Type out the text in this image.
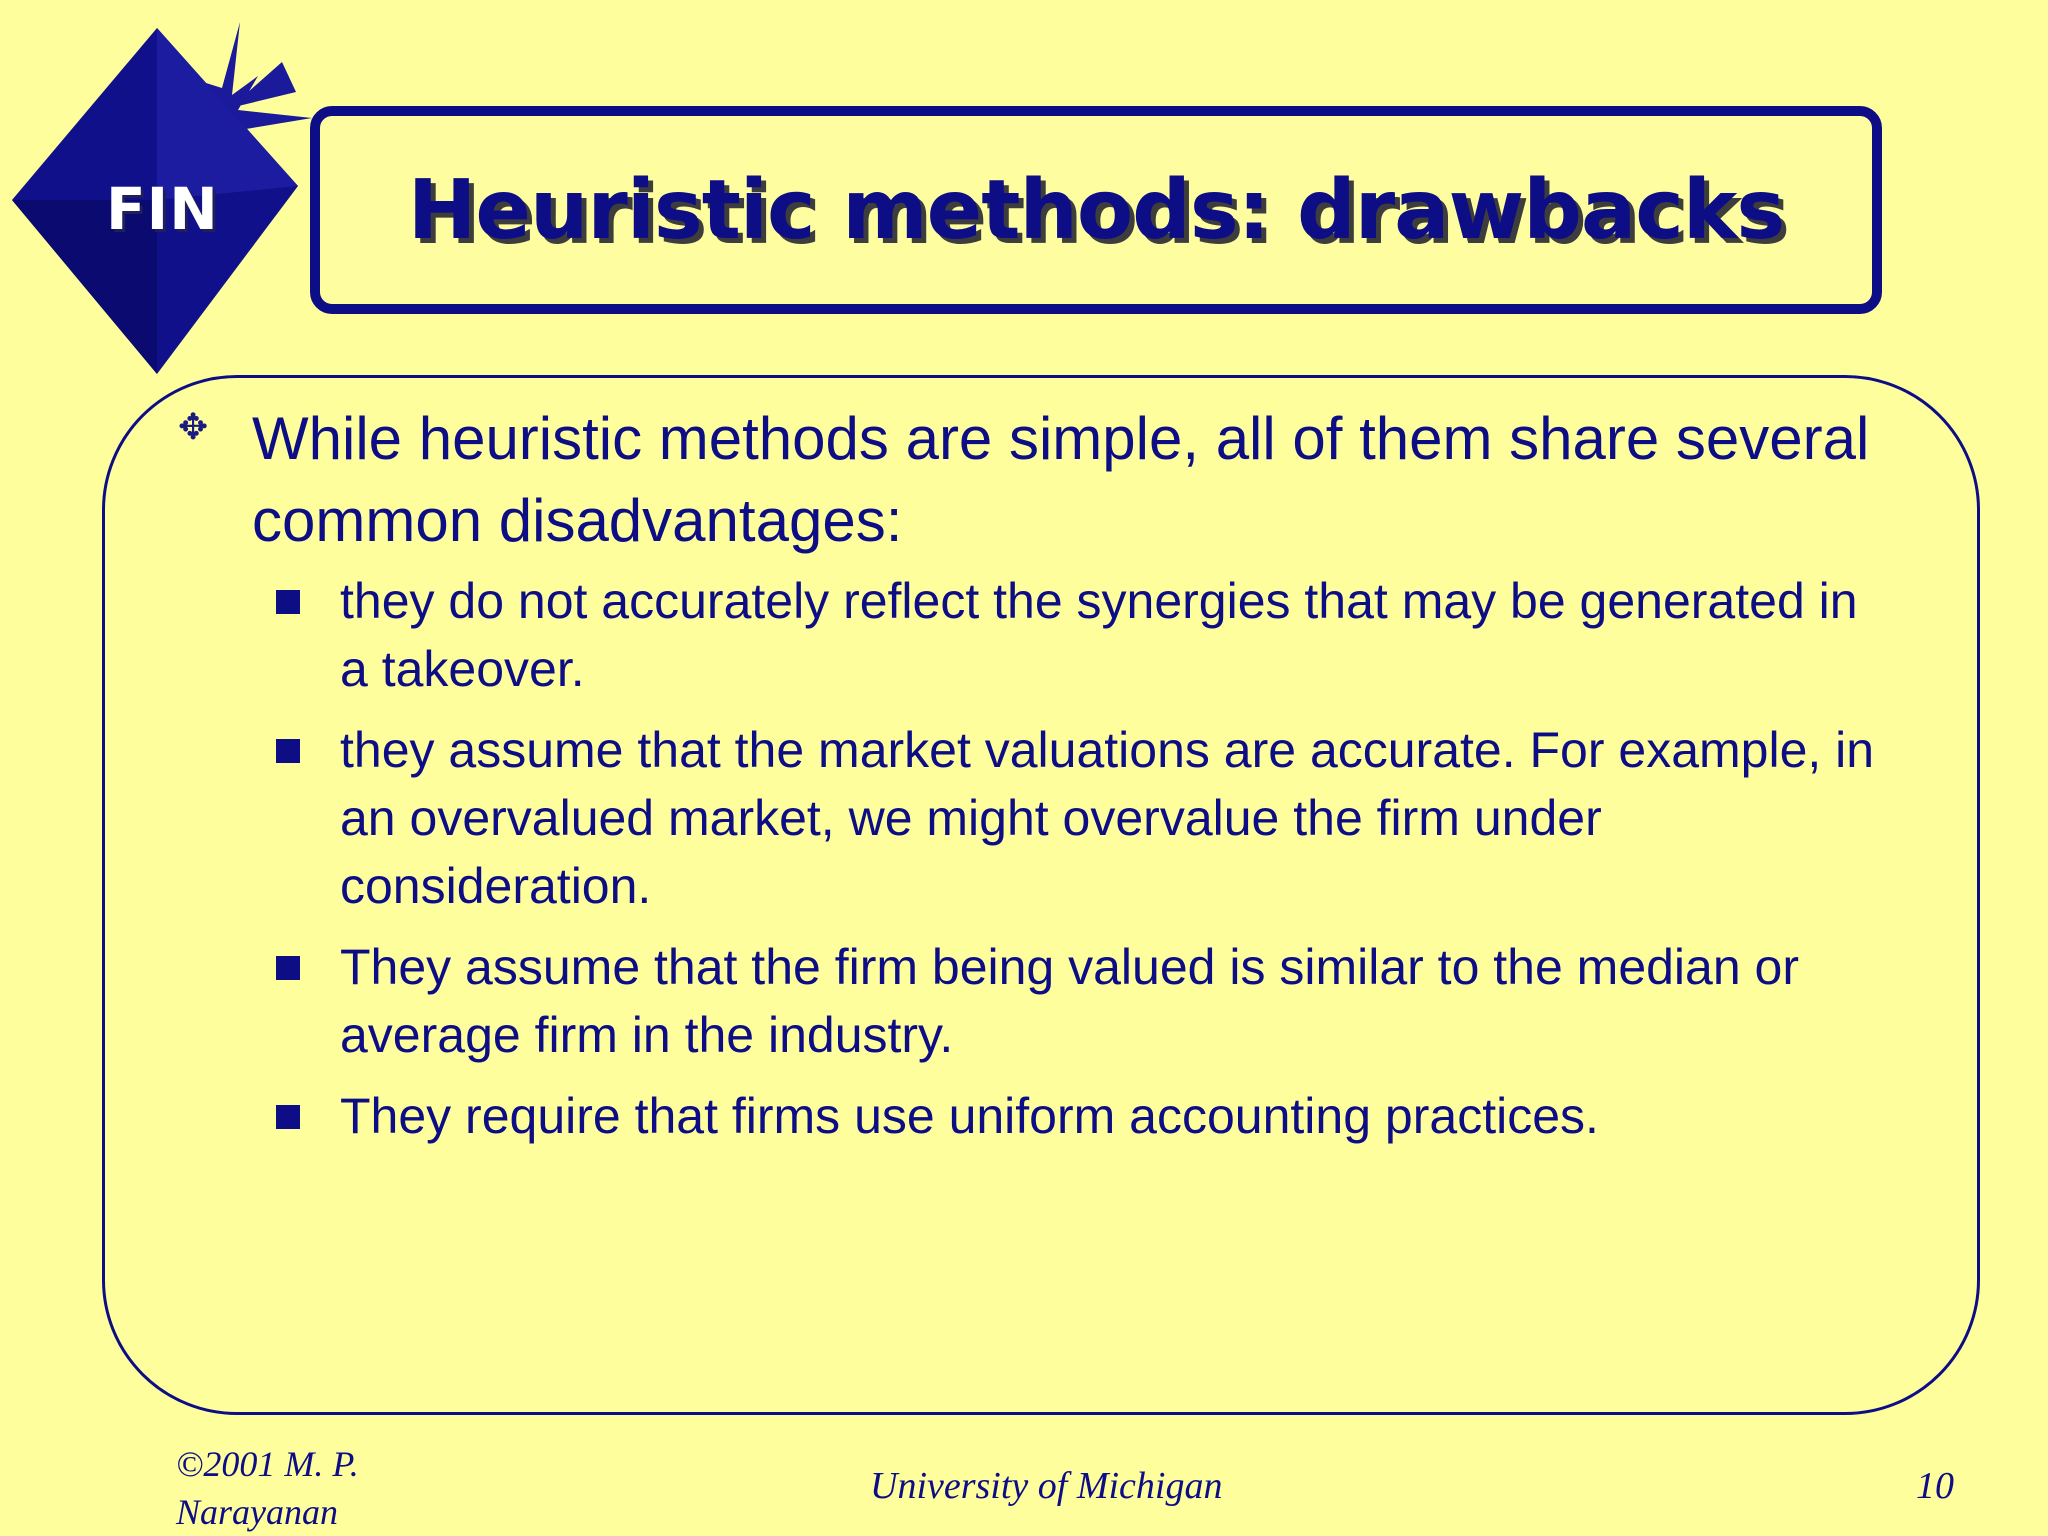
FIN Heuristic methods: drawbacks
✥ While heuristic methods are simple, all of them share several common disadvantages:
they do not accurately reflect the synergies that may be generated in a takeover.
they assume that the market valuations are accurate. For example, in an overvalued market, we might overvalue the firm under consideration.
They assume that the firm being valued is similar to the median or average firm in the industry.
They require that firms use uniform accounting practices.
©2001 M. P. Narayanan
University of Michigan	10
